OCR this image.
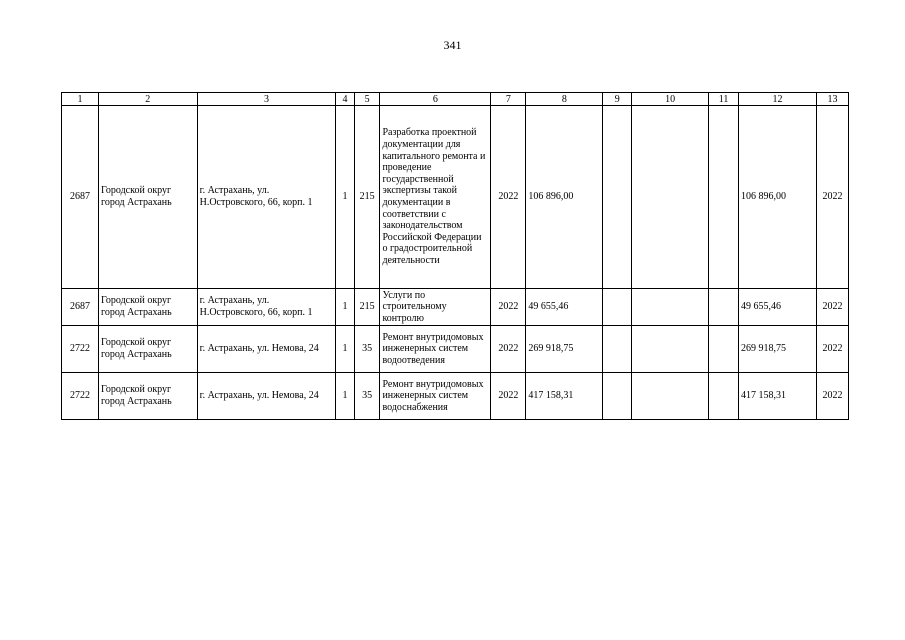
341
1	2	3	4	5	6	7	8	9	10	11	12	13
2687	Городской округ город Астрахань	г. Астрахань, ул. Н.Островского, 66, корп. 1	1	215	Разработка проектной документации для капитального ремонта и проведение государственной экспертизы такой документации в соответствии с законодательством Российской Федерации о градостроительной деятельности	2022	106 896,00				106 896,00	2022
2687	Городской округ город Астрахань	г. Астрахань, ул. Н.Островского, 66, корп. 1	1	215	Услуги по строительному контролю	2022	49 655,46				49 655,46	2022
2722	Городской округ город Астрахань	г. Астрахань, ул. Немова, 24	1	35	Ремонт внутридомовых инженерных систем водоотведения	2022	269 918,75				269 918,75	2022
2722	Городской округ город Астрахань	г. Астрахань, ул. Немова, 24	1	35	Ремонт внутридомовых инженерных систем водоснабжения	2022	417 158,31				417 158,31	2022
